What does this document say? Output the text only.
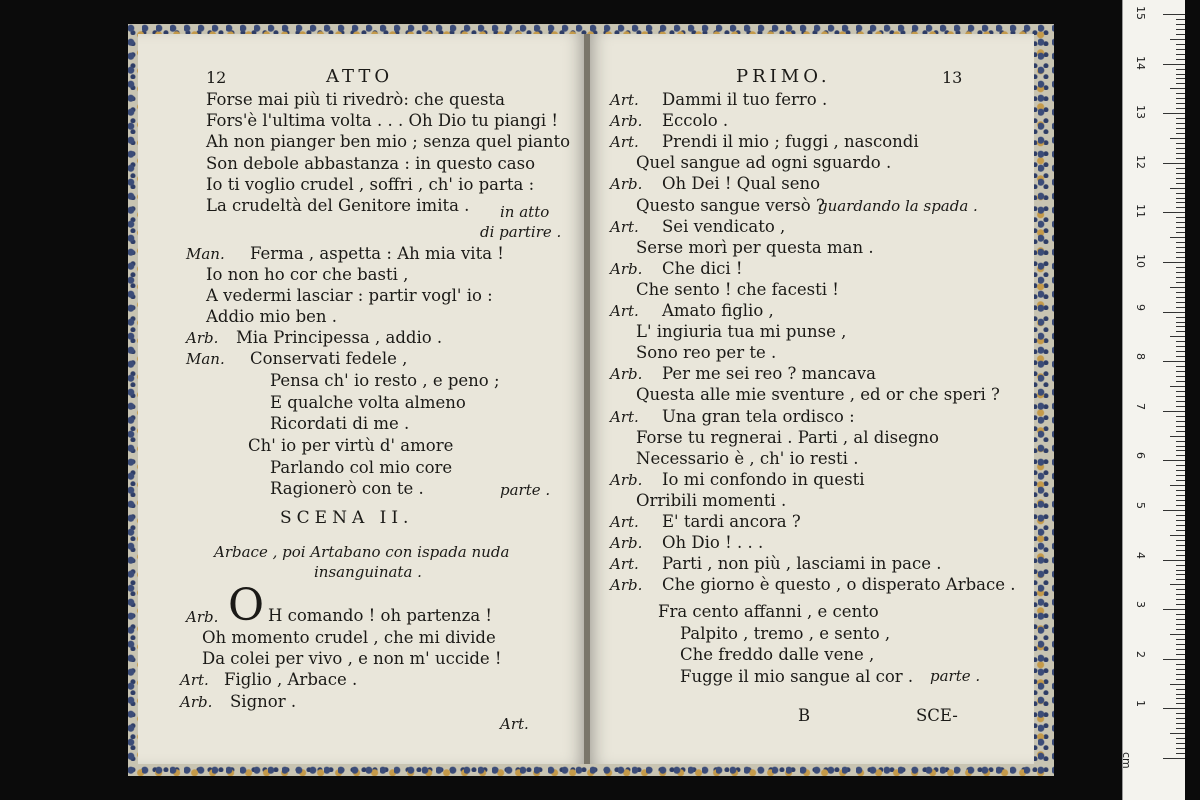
12	ATTO
Forse mai più ti rivedrò: che questa
Fors'è l'ultima volta . . . Oh Dio tu piangi !
Ah non pianger ben mio ; senza quel pianto
Son debole abbastanza : in questo caso
Io ti voglio crudel , soffri , ch' io parta :
La crudeltà del Genitore imita . in atto
di partire .
Man. Ferma , aspetta : Ah mia vita !
Io non ho cor che basti ,
A vedermi lasciar : partir vogl' io :
Addio mio ben .
Arb. Mia Principessa , addio .
Man. Conservati fedele ,
Pensa ch' io resto , e peno ;
E qualche volta almeno
Ricordati di me .
Ch' io per virtù d' amore
Parlando col mio core
Ragionerò con te .	parte .
SCENA II.
Arbace , poi Artabano con ispada nuda
insanguinata .
Arb. O H comando ! oh partenza !
Oh momento crudel , che mi divide
Da colei per vivo , e non m' uccide !
Art. Figlio , Arbace .
Arb. Signor .
Art.
PRIMO.	13
Art. Dammi il tuo ferro .
Arb. Eccolo .
Art. Prendi il mio ; fuggi , nascondi
Quel sangue ad ogni sguardo .
Arb. Oh Dei ! Qual seno
Questo sangue versò ?
Art. Sei vendicato ,
Serse morì per questa man .
Arb. Che dici !
Che sento ! che facesti !
Art. Amato figlio ,
L' ingiuria tua mi punse ,
Sono reo per te .
Arb. Per me sei reo ? mancava
Questa alle mie sventure , ed or che speri ?
Art. Una gran tela ordisco :
Forse tu regnerai . Parti , al disegno
Necessario è , ch' io resti .
Arb. Io mi confondo in questi
Orribili momenti .
Art. E' tardi ancora ?
Arb. Oh Dio ! . . .
Art. Parti , non più , lasciami in pace .
Arb. Che giorno è questo , o disperato Arbace .
guardando la spada .
Fra cento affanni , e cento
Palpito , tremo , e sento ,
Che freddo dalle vene ,
Fugge il mio sangue al cor . parte .
B	SCE-
cm
1
2
3
4
5
6
7
8
9
10
11
12
13
14
15
